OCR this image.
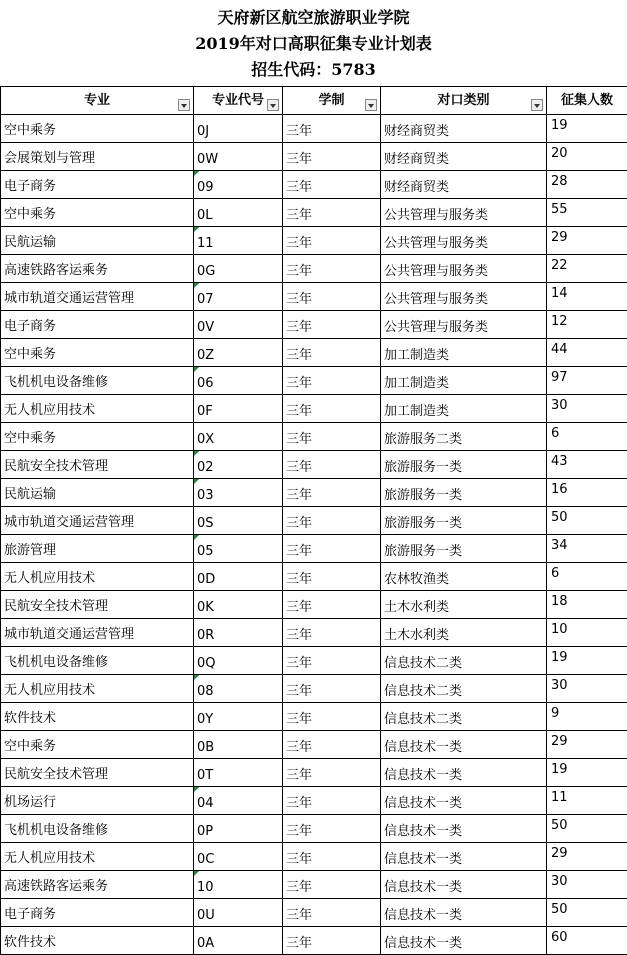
天府新区航空旅游职业学院
2019年对口高职征集专业计划表
招生代码：5783
专业	专业代号	学制	对口类别	征集人数

空中乘务	0J	三年	财经商贸类	19

会展策划与管理	0W	三年	财经商贸类	20

电子商务	09	三年	财经商贸类	28

空中乘务	0L	三年	公共管理与服务类	55

民航运输	11	三年	公共管理与服务类	29

高速铁路客运乘务	0G	三年	公共管理与服务类	22

城市轨道交通运营管理	07	三年	公共管理与服务类	14

电子商务	0V	三年	公共管理与服务类	12

空中乘务	0Z	三年	加工制造类	44

飞机机电设备维修	06	三年	加工制造类	97

无人机应用技术	0F	三年	加工制造类	30

空中乘务	0X	三年	旅游服务二类	6

民航安全技术管理	02	三年	旅游服务一类	43

民航运输	03	三年	旅游服务一类	16

城市轨道交通运营管理	0S	三年	旅游服务一类	50

旅游管理	05	三年	旅游服务一类	34

无人机应用技术	0D	三年	农林牧渔类	6

民航安全技术管理	0K	三年	土木水利类	18

城市轨道交通运营管理	0R	三年	土木水利类	10

飞机机电设备维修	0Q	三年	信息技术二类	19

无人机应用技术	08	三年	信息技术二类	30

软件技术	0Y	三年	信息技术二类	9

空中乘务	0B	三年	信息技术一类	29

民航安全技术管理	0T	三年	信息技术一类	19

机场运行	04	三年	信息技术一类	11

飞机机电设备维修	0P	三年	信息技术一类	50

无人机应用技术	0C	三年	信息技术一类	29

高速铁路客运乘务	10	三年	信息技术一类	30

电子商务	0U	三年	信息技术一类	50

软件技术	0A	三年	信息技术一类	60
